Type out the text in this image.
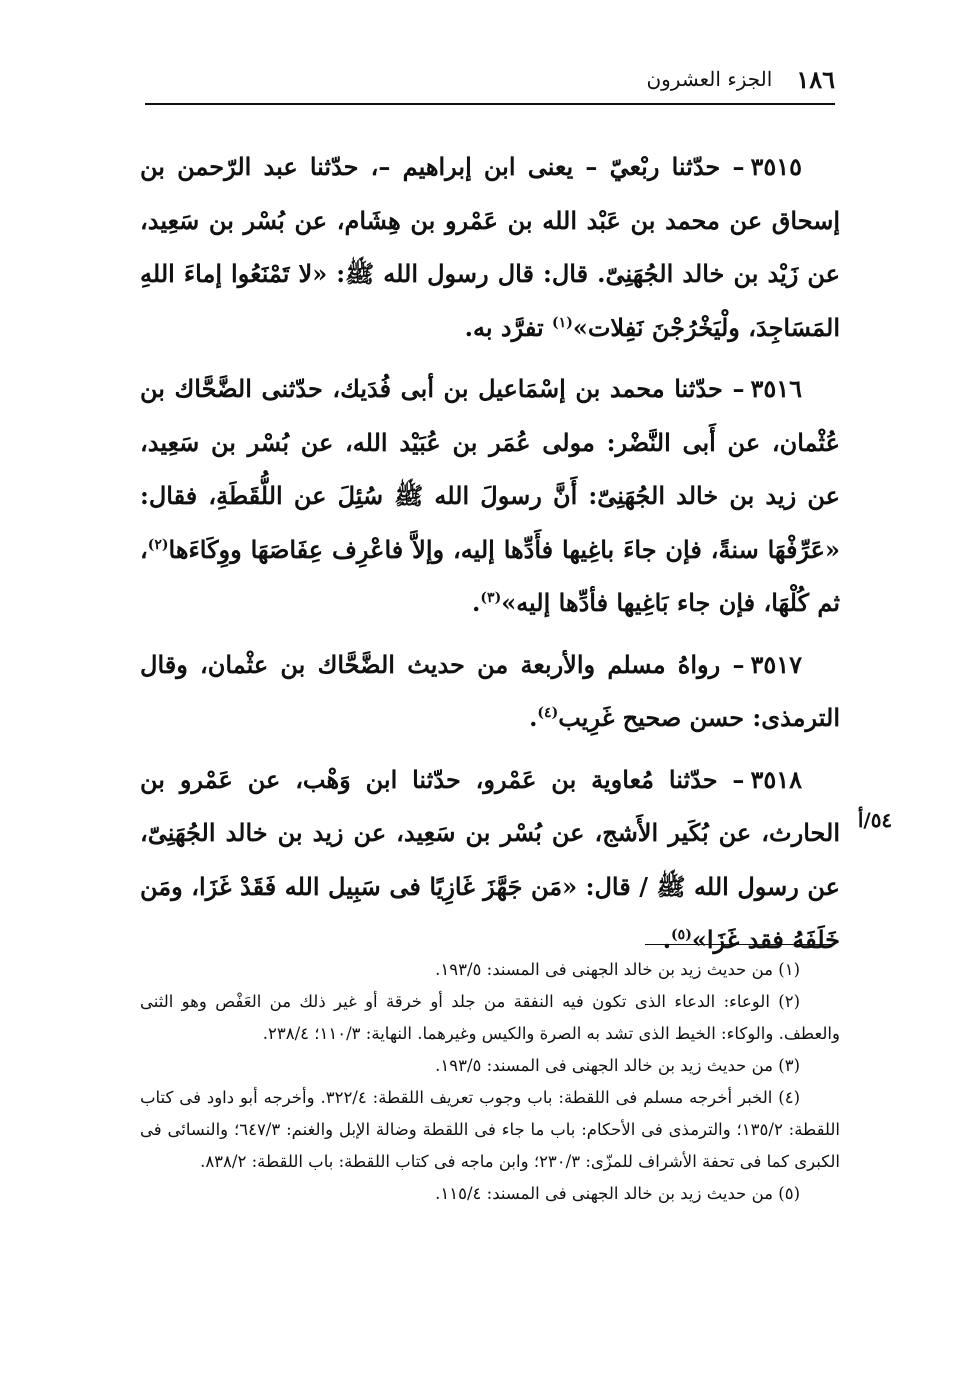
١٨٦
الجزء العشرون

٣٥١٥– حدّثنا ربْعيّ – يعنى ابن إبراهيم –، حدّثنا عبد الرّحمن بن إسحاق عن محمد بن عَبْد الله بن عَمْرو بن هِشَام، عن بُسْر بن سَعِيد، عن زَيْد بن خالد الجُهَنِىّ. قال: قال رسول الله ﷺ: «لا تَمْنَعُوا إماءَ اللهِ المَسَاجِدَ، ولْيَخْرُجْنَ نَفِلات»$^{(١)}$ تفرَّد به.

٣٥١٦– حدّثنا محمد بن إسْمَاعيل بن أبى فُدَيك، حدّثنى الضَّحَّاك بن عُثْمان، عن أَبى النَّضْر: مولى عُمَر بن عُبَيْد الله، عن بُسْر بن سَعِيد، عن زيد بن خالد الجُهَنِىّ: أَنَّ رسولَ الله ﷺ سُئِلَ عن اللُّقَطَةِ، فقال: «عَرِّفْهَا سنةً، فإن جاءَ باغِيها فأَدِّها إليه، وإلاَّ فاعْرِف عِفَاصَهَا ووِكَاءَها$^{(٢)}$، ثم كُلْهَا، فإن جاء بَاغِيها فأدِّها إليه»$^{(٣)}$.

٣٥١٧– رواهُ مسلم والأربعة من حديث الضَّحَّاك بن عثْمان، وقال الترمذى: حسن صحيح غَرِيب$^{(٤)}$.

٣٥١٨– حدّثنا مُعاوية بن عَمْرو، حدّثنا ابن وَهْب، عن عَمْرو بن الحارث، عن بُكَير الأَشج، عن بُسْر بن سَعِيد، عن زيد بن خالد الجُهَنِىّ، عن رسول الله ﷺ / قال: «مَن جَهَّزَ غَازِيًا فى سَبِيل الله فَقَدْ غَزَا، ومَن خَلَفَهُ فقد غَزَا»$^{(٥)}$.

٥٤/أ

(١) من حديث زيد بن خالد الجهنى فى المسند: ١٩٣/٥.

(٢) الوعاء: الدعاء الذى تكون فيه النفقة من جلد أو خرقة أو غير ذلك من العَفْص وهو الثنى والعطف. والوكاء: الخيط الذى تشد به الصرة والكيس وغيرهما. النهاية: ١١٠/٣؛ ٢٣٨/٤.

(٣) من حديث زيد بن خالد الجهنى فى المسند: ١٩٣/٥.

(٤) الخبر أخرجه مسلم فى اللقطة: باب وجوب تعريف اللقطة: ٣٢٢/٤. وأخرجه أبو داود فى كتاب اللقطة: ١٣٥/٢؛ والترمذى فى الأحكام: باب ما جاء فى اللقطة وضالة الإبل والغنم: ٦٤٧/٣؛ والنسائى فى الكبرى كما فى تحفة الأشراف للمزّى: ٢٣٠/٣؛ وابن ماجه فى كتاب اللقطة: باب اللقطة: ٨٣٨/٢.

(٥) من حديث زيد بن خالد الجهنى فى المسند: ١١٥/٤.
